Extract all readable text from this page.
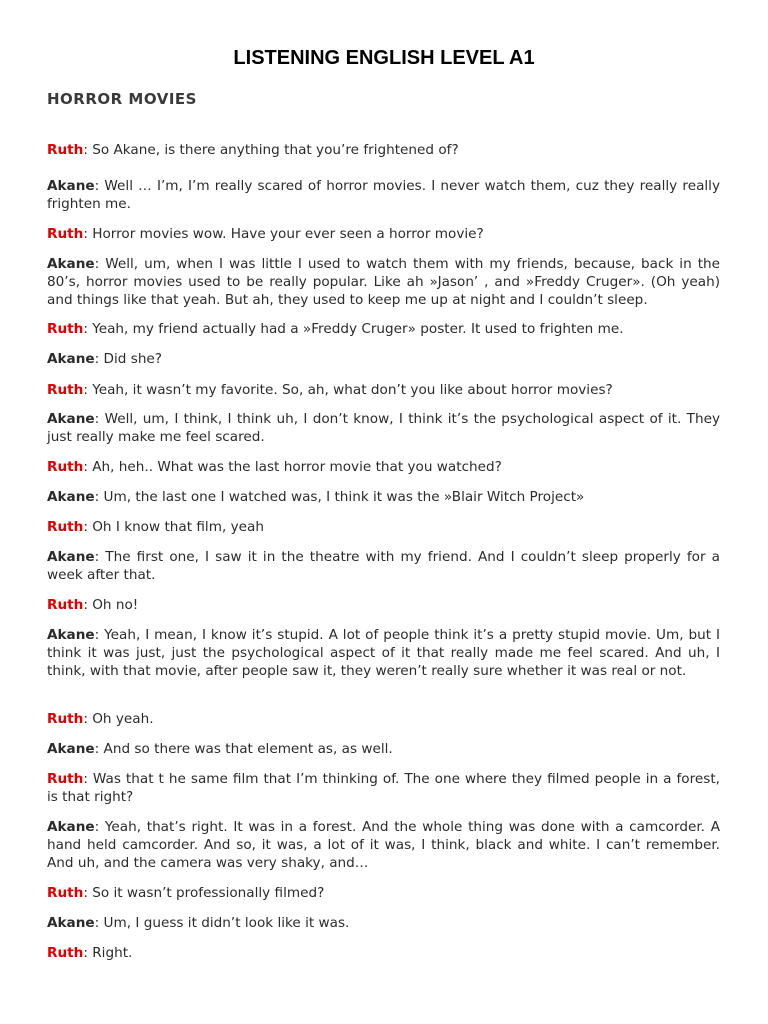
LISTENING ENGLISH LEVEL A1
HORROR MOVIES

Ruth: So Akane, is there anything that you’re frightened of?

Akane: Well … I’m, I’m really scared of horror movies. I never watch them, cuz they really really frighten me.

Ruth: Horror movies wow. Have your ever seen a horror movie?

Akane: Well, um, when I was little I used to watch them with my friends, because, back in the 80’s, horror movies used to be really popular. Like ah »Jason’ , and »Freddy Cruger». (Oh yeah) and things like that yeah. But ah, they used to keep me up at night and I couldn’t sleep.

Ruth: Yeah, my friend actually had a »Freddy Cruger» poster. It used to frighten me.

Akane: Did she?

Ruth: Yeah, it wasn’t my favorite. So, ah, what don’t you like about horror movies?

Akane: Well, um, I think, I think uh, I don’t know, I think it’s the psychological aspect of it. They just really make me feel scared.

Ruth: Ah, heh.. What was the last horror movie that you watched?

Akane: Um, the last one I watched was, I think it was the »Blair Witch Project»

Ruth: Oh I know that film, yeah

Akane: The first one, I saw it in the theatre with my friend. And I couldn’t sleep properly for a week after that.

Ruth: Oh no!

Akane: Yeah, I mean, I know it’s stupid. A lot of people think it’s a pretty stupid movie. Um, but I think it was just, just the psychological aspect of it that really made me feel scared. And uh, I think, with that movie, after people saw it, they weren’t really sure whether it was real or not.

Ruth: Oh yeah.

Akane: And so there was that element as, as well.

Ruth: Was that t he same film that I’m thinking of. The one where they filmed people in a forest, is that right?

Akane: Yeah, that’s right. It was in a forest. And the whole thing was done with a camcorder. A hand held camcorder. And so, it was, a lot of it was, I think, black and white. I can’t remember. And uh, and the camera was very shaky, and…

Ruth: So it wasn’t professionally filmed?

Akane: Um, I guess it didn’t look like it was.

Ruth: Right.
